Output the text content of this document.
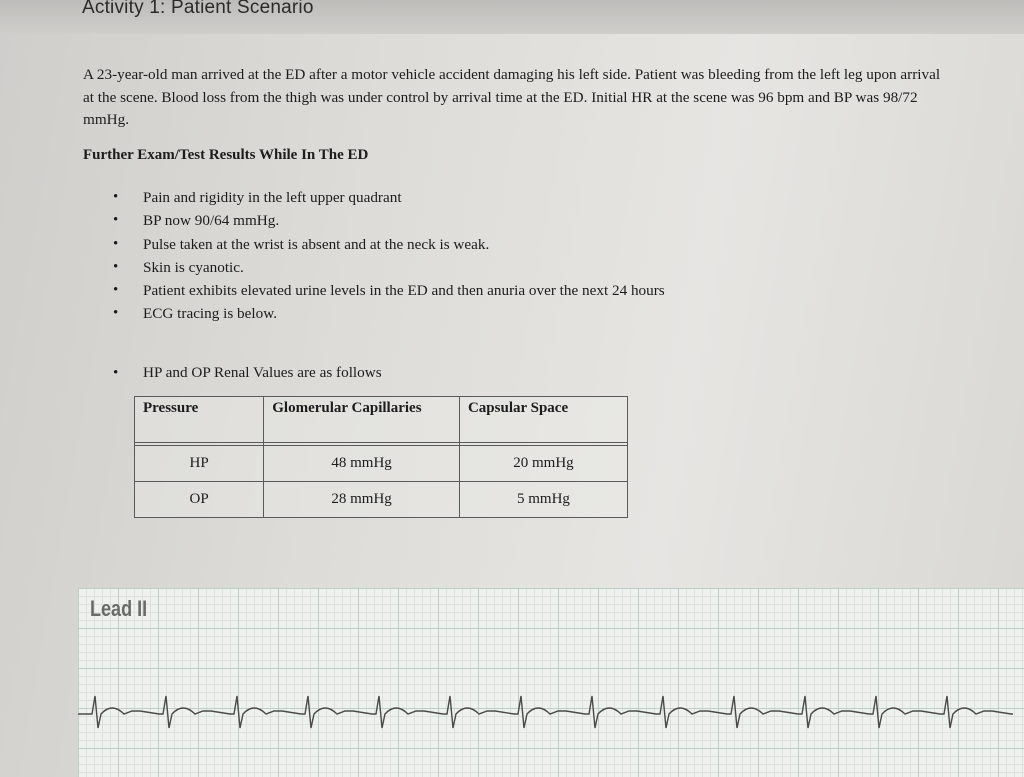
Activity 1: Patient Scenario

A 23-year-old man arrived at the ED after a motor vehicle accident damaging his left side. Patient was bleeding from the left leg upon arrival at the scene. Blood loss from the thigh was under control by arrival time at the ED. Initial HR at the scene was 96 bpm and BP was 98/72 mmHg.

Further Exam/Test Results While In The ED

• Pain and rigidity in the left upper quadrant
• BP now 90/64 mmHg.
• Pulse taken at the wrist is absent and at the neck is weak.
• Skin is cyanotic.
• Patient exhibits elevated urine levels in the ED and then anuria over the next 24 hours
• ECG tracing is below.
• HP and OP Renal Values are as follows
Pressure	Glomerular Capillaries	Capsular Space

HP	48 mmHg	20 mmHg
OP	28 mmHg	5 mmHg
Lead II
